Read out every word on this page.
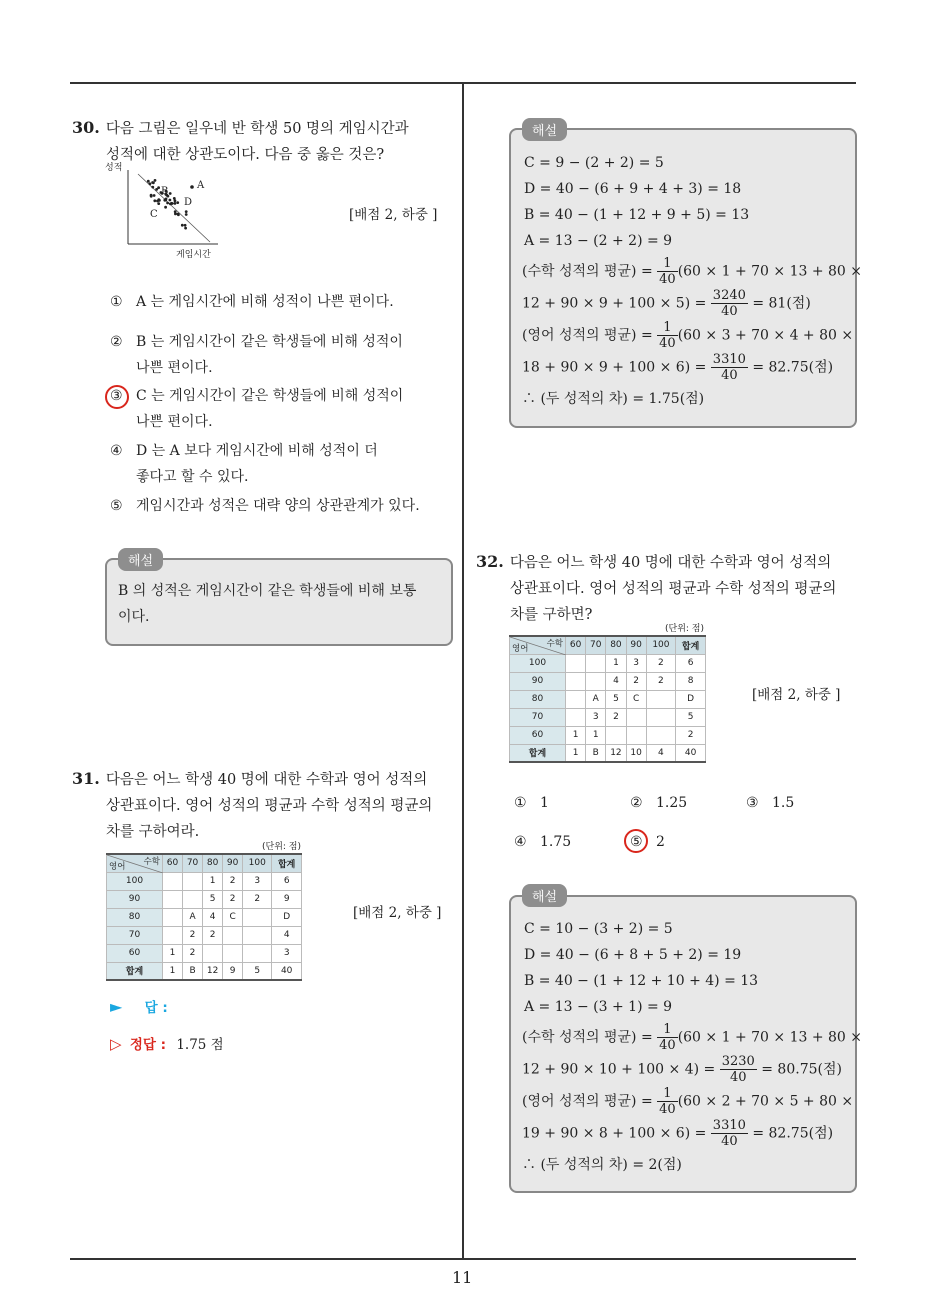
11
30. 다음 그림은 일우네 반 학생 50 명의 게임시간과
성적에 대한 상관도이다. 다음 중 옳은 것은?
성적
게임시간
A
B
C
D
[배점 2, 하중 ]
① A 는 게임시간에 비해 성적이 나쁜 편이다.
② B 는 게임시간이 같은 학생들에 비해 성적이
나쁜 편이다.
③ C 는 게임시간이 같은 학생들에 비해 성적이
나쁜 편이다.
④ D 는 A 보다 게임시간에 비해 성적이 더
좋다고 할 수 있다.
⑤ 게임시간과 성적은 대략 양의 상관관계가 있다.
해설
B 의 성적은 게임시간이 같은 학생들에 비해 보통
이다.
31. 다음은 어느 학생 40 명에 대한 수학과 영어 성적의
상관표이다. 영어 성적의 평균과 수학 성적의 평균의
차를 구하여라.
(단위: 점)
수학
영어	60	70	80	90	100	합계
100			1	2	3	6
90			5	2	2	9
80		A	4	C		D
70		2	2			4
60	1	2				3
합계	1	B	12	9	5	40
[배점 2, 하중 ]
► 답 :
▷ 정답 : 1.75 점
해설
C = 9 − (2 + 2) = 5
D = 40 − (6 + 9 + 4 + 3) = 18
B = 40 − (1 + 12 + 9 + 5) = 13
A = 13 − (2 + 2) = 9
(수학 성적의 평균) = $\frac{1}{40} (60 \times 1 + 70 \times 13 + 80$ ×
$12 + 90 \times 9 + 100 \times 5) = \frac{3240}{40} = 81$(점)
(영어 성적의 평균) = $\frac{1}{40} (60 \times 3 + 70 \times 4 + 80$ ×
$18 + 90 \times 9 + 100 \times 6) = \frac{3310}{40} = 82.75$(점)
∴ (두 성적의 차) = 1.75(점)
32. 다음은 어느 학생 40 명에 대한 수학과 영어 성적의
상관표이다. 영어 성적의 평균과 수학 성적의 평균의
차를 구하면?
(단위: 점)
수학
영어	60	70	80	90	100	합계
100			1	3	2	6
90			4	2	2	8
80		A	5	C		D
70		3	2			5
60	1	1				2
합계	1	B	12	10	4	40
[배점 2, 하중 ]
① 1	② 1.25	③ 1.5
④ 1.75	⑤ 2
해설
C = 10 − (3 + 2) = 5
D = 40 − (6 + 8 + 5 + 2) = 19
B = 40 − (1 + 12 + 10 + 4) = 13
A = 13 − (3 + 1) = 9
(수학 성적의 평균) = $\frac{1}{40} (60 \times 1 + 70 \times 13 + 80$ ×
$12 + 90 \times 10 + 100 \times 4) = \frac{3230}{40} = 80.75$(점)
(영어 성적의 평균) = $\frac{1}{40} (60 \times 2 + 70 \times 5 + 80$ ×
$19 + 90 \times 8 + 100 \times 6) = \frac{3310}{40} = 82.75$(점)
∴ (두 성적의 차) = 2(점)
